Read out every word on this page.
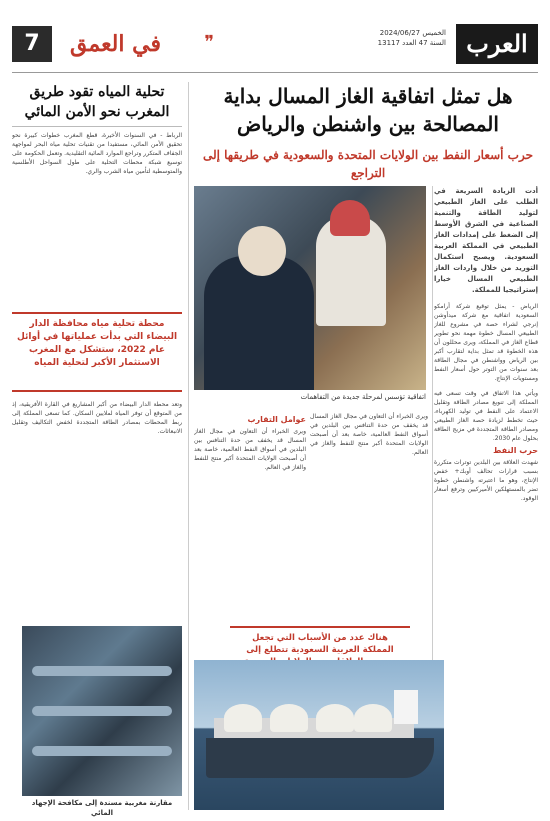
العرب
الخميس 2024/06/27
السنة 47 العدد 13117
❞
في العمق
7
هل تمثل اتفاقية الغاز المسال بداية المصالحة بين واشنطن والرياض
حرب أسعار النفط بين الولايات المتحدة والسعودية في طريقها إلى التراجع
تحلية المياه تقود طريق المغرب نحو الأمن المائي
الرباط - في السنوات الأخيرة، قطع المغرب خطوات كبيرة نحو تحقيق الأمن المائي، مستفيدا من تقنيات تحلية مياه البحر لمواجهة الجفاف المتكرر وتراجع الموارد المائية التقليدية. وتعمل الحكومة على توسيع شبكة محطات التحلية على طول السواحل الأطلسية والمتوسطية لتأمين مياه الشرب والري.
محطة تحلية مياه محافظة الدار البيضاء التي بدأت عملياتها في أوائل عام 2022، ستشكل مع المغرب الاستثمار الأكبر لتحلية المياه
وتعد محطة الدار البيضاء من أكبر المشاريع في القارة الأفريقية، إذ من المتوقع أن توفر المياه لملايين السكان. كما تسعى المملكة إلى ربط المحطات بمصادر الطاقة المتجددة لخفض التكاليف وتقليل الانبعاثات.
اتفاقية تؤسس لمرحلة جديدة من التفاهمات
أدت الزيادة السريعة في الطلب على الغاز الطبيعي لتوليد الطاقة والتنمية الصناعية في الشرق الأوسط إلى الضغط على إمدادات الغاز الطبيعي في المملكة العربية السعودية. ويصبح استكمال التوريد من خلال واردات الغاز الطبيعي المسال خيارا إستراتيجيا للمملكة.
الرياض - يمثل توقيع شركة أرامكو السعودية اتفاقية مع شركة ميدأوشن إنرجي لشراء حصة في مشروع للغاز الطبيعي المسال خطوة مهمة نحو تطوير قطاع الغاز في المملكة، ويرى محللون أن هذه الخطوة قد تمثل بداية لتقارب أكبر بين الرياض وواشنطن في مجال الطاقة بعد سنوات من التوتر حول أسعار النفط ومستويات الإنتاج.
ويأتي هذا الاتفاق في وقت تسعى فيه المملكة إلى تنويع مصادر الطاقة وتقليل الاعتماد على النفط في توليد الكهرباء، حيث تخطط لزيادة حصة الغاز الطبيعي ومصادر الطاقة المتجددة في مزيج الطاقة بحلول عام 2030.
حرب النفط
شهدت العلاقة بين البلدين توترات متكررة بسبب قرارات تحالف أوبك+ خفض الإنتاج، وهو ما اعتبرته واشنطن خطوة تضر بالمستهلكين الأميركيين وترفع أسعار الوقود.
ويرى الخبراء أن التعاون في مجال الغاز المسال قد يخفف من حدة التنافس بين البلدين في أسواق النفط العالمية، خاصة بعد أن أصبحت الولايات المتحدة أكبر منتج للنفط والغاز في العالم.
عوامل التقارب
ويرى الخبراء أن التعاون في مجال الغاز المسال قد يخفف من حدة التنافس بين البلدين في أسواق النفط العالمية، خاصة بعد أن أصبحت الولايات المتحدة أكبر منتج للنفط والغاز في العالم.
هناك عدد من الأسباب التي تجعل المملكة العربية السعودية تتطلع إلى
مقارنة مغربية مسندة إلى مكافحة الإجهاد المائي
